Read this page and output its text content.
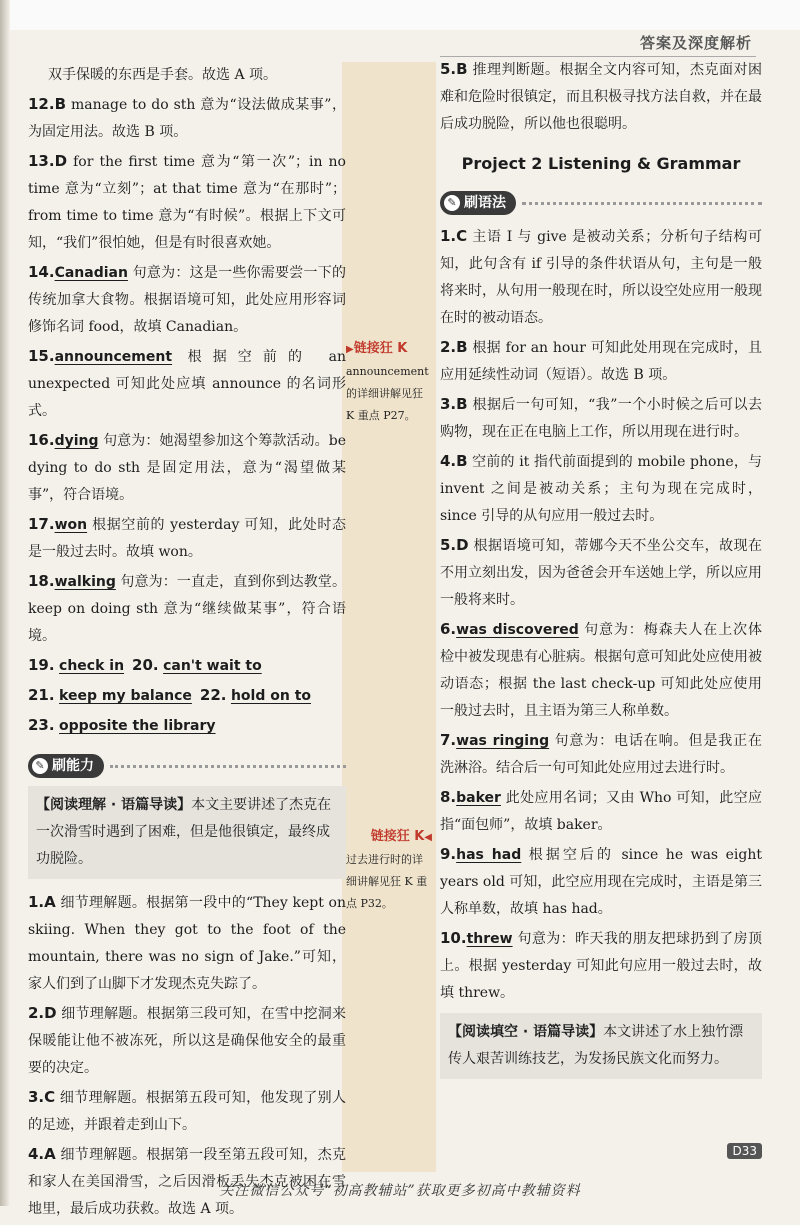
答案及深度解析
双手保暖的东西是手套。故选 A 项。
12.B manage to do sth 意为“设法做成某事”，为固定用法。故选 B 项。
13.D for the first time 意为“第一次”；in no time 意为“立刻”；at that time 意为“在那时”；from time to time 意为“有时候”。根据上下文可知，“我们”很怕她，但是有时很喜欢她。
14.Canadian 句意为：这是一些你需要尝一下的传统加拿大食物。根据语境可知，此处应用形容词修饰名词 food，故填 Canadian。
15.announcement 根据空前的 an unexpected 可知此处应填 announce 的名词形式。
16.dying 句意为：她渴望参加这个筹款活动。be dying to do sth 是固定用法，意为“渴望做某事”，符合语境。
17.won 根据空前的 yesterday 可知，此处时态是一般过去时。故填 won。
18.walking 句意为：一直走，直到你到达教堂。keep on doing sth 意为“继续做某事”，符合语境。
19. check in 20. can't wait to
21. keep my balance 22. hold on to
23. opposite the library
✎ 刷能力
【阅读理解 · 语篇导读】本文主要讲述了杰克在一次滑雪时遇到了困难，但是他很镇定，最终成功脱险。
1.A 细节理解题。根据第一段中的“They kept on skiing. When they got to the foot of the mountain, there was no sign of Jake.”可知，家人们到了山脚下才发现杰克失踪了。
2.D 细节理解题。根据第三段可知，在雪中挖洞来保暖能让他不被冻死，所以这是确保他安全的最重要的决定。
3.C 细节理解题。根据第五段可知，他发现了别人的足迹，并跟着走到山下。
4.A 细节理解题。根据第一段至第五段可知，杰克和家人在美国滑雪，之后因滑板丢失杰克被困在雪地里，最后成功获救。故选 A 项。
▶链接狂 K
announcement 的详细讲解见狂 K 重点 P27。
链接狂 K◀
过去进行时的详细讲解见狂 K 重点 P32。
5.B 推理判断题。根据全文内容可知，杰克面对困难和危险时很镇定，而且积极寻找方法自救，并在最后成功脱险，所以他也很聪明。
Project 2 Listening & Grammar
✎ 刷语法
1.C 主语 I 与 give 是被动关系；分析句子结构可知，此句含有 if 引导的条件状语从句，主句是一般将来时，从句用一般现在时，所以设空处应用一般现在时的被动语态。
2.B 根据 for an hour 可知此处用现在完成时，且应用延续性动词（短语）。故选 B 项。
3.B 根据后一句可知，“我”一个小时候之后可以去购物，现在正在电脑上工作，所以用现在进行时。
4.B 空前的 it 指代前面提到的 mobile phone，与 invent 之间是被动关系；主句为现在完成时，since 引导的从句应用一般过去时。
5.D 根据语境可知，蒂娜今天不坐公交车，故现在不用立刻出发，因为爸爸会开车送她上学，所以应用一般将来时。
6.was discovered 句意为：梅森夫人在上次体检中被发现患有心脏病。根据句意可知此处应使用被动语态；根据 the last check-up 可知此处应使用一般过去时，且主语为第三人称单数。
7.was ringing 句意为：电话在响。但是我正在洗淋浴。结合后一句可知此处应用过去进行时。
8.baker 此处应用名词；又由 Who 可知，此空应指“面包师”，故填 baker。
9.has had 根据空后的 since he was eight years old 可知，此空应用现在完成时，主语是第三人称单数，故填 has had。
10.threw 句意为：昨天我的朋友把球扔到了房顶上。根据 yesterday 可知此句应用一般过去时，故填 threw。
【阅读填空 · 语篇导读】本文讲述了水上独竹漂传人艰苦训练技艺，为发扬民族文化而努力。
D33
关注微信公众号“初高教辅站”获取更多初高中教辅资料
